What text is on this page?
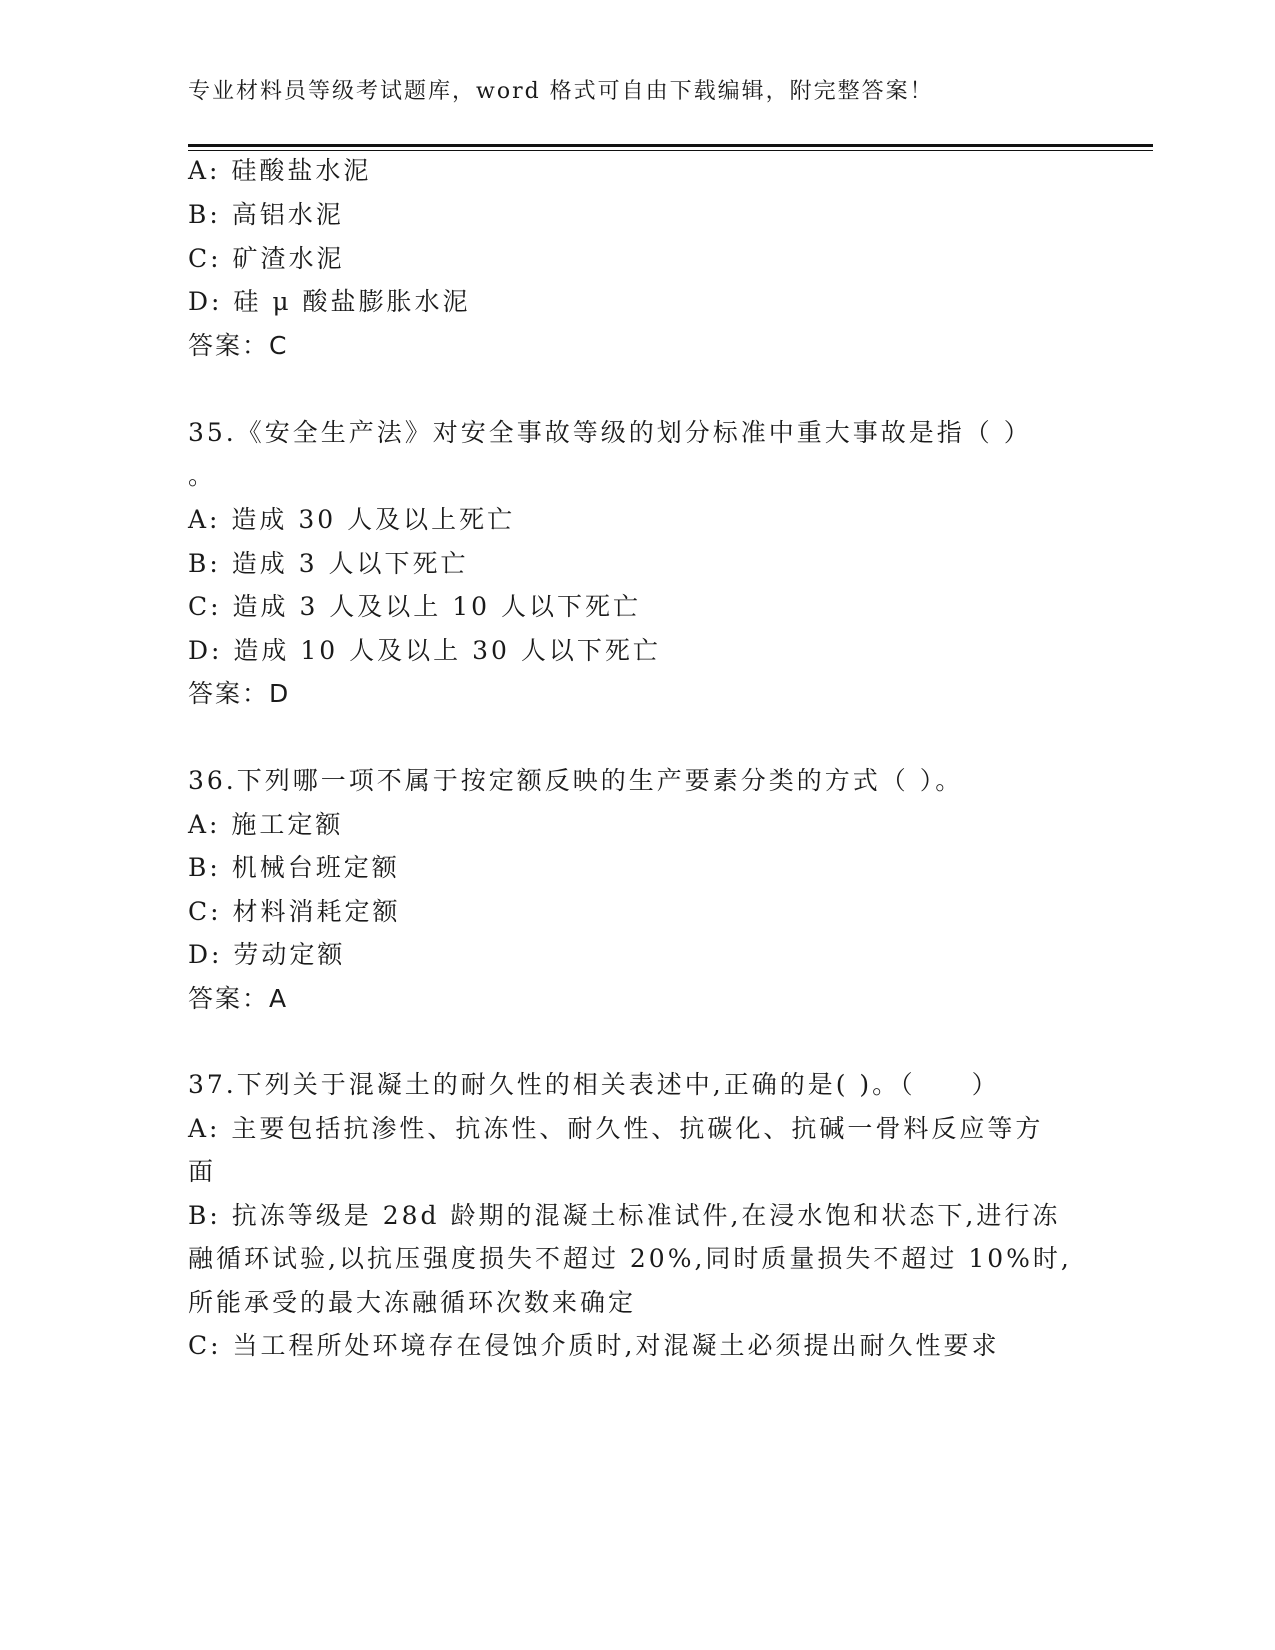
专业材料员等级考试题库，word 格式可自由下载编辑，附完整答案！
A: 硅酸盐水泥
B: 高铝水泥
C: 矿渣水泥
D: 硅 μ 酸盐膨胀水泥
答案：C
35.《安全生产法》对安全事故等级的划分标准中重大事故是指（ ）
。
A: 造成 30 人及以上死亡
B: 造成 3 人以下死亡
C: 造成 3 人及以上 10 人以下死亡
D: 造成 10 人及以上 30 人以下死亡
答案：D
36.下列哪一项不属于按定额反映的生产要素分类的方式（ ）。
A: 施工定额
B: 机械台班定额
C: 材料消耗定额
D: 劳动定额
答案：A
37.下列关于混凝土的耐久性的相关表述中,正确的是( )。（　　）
A: 主要包括抗渗性、抗冻性、耐久性、抗碳化、抗碱一骨料反应等方
面
B: 抗冻等级是 28d 龄期的混凝土标准试件,在浸水饱和状态下,进行冻
融循环试验,以抗压强度损失不超过 20%,同时质量损失不超过 10%时,
所能承受的最大冻融循环次数来确定
C: 当工程所处环境存在侵蚀介质时,对混凝土必须提出耐久性要求
